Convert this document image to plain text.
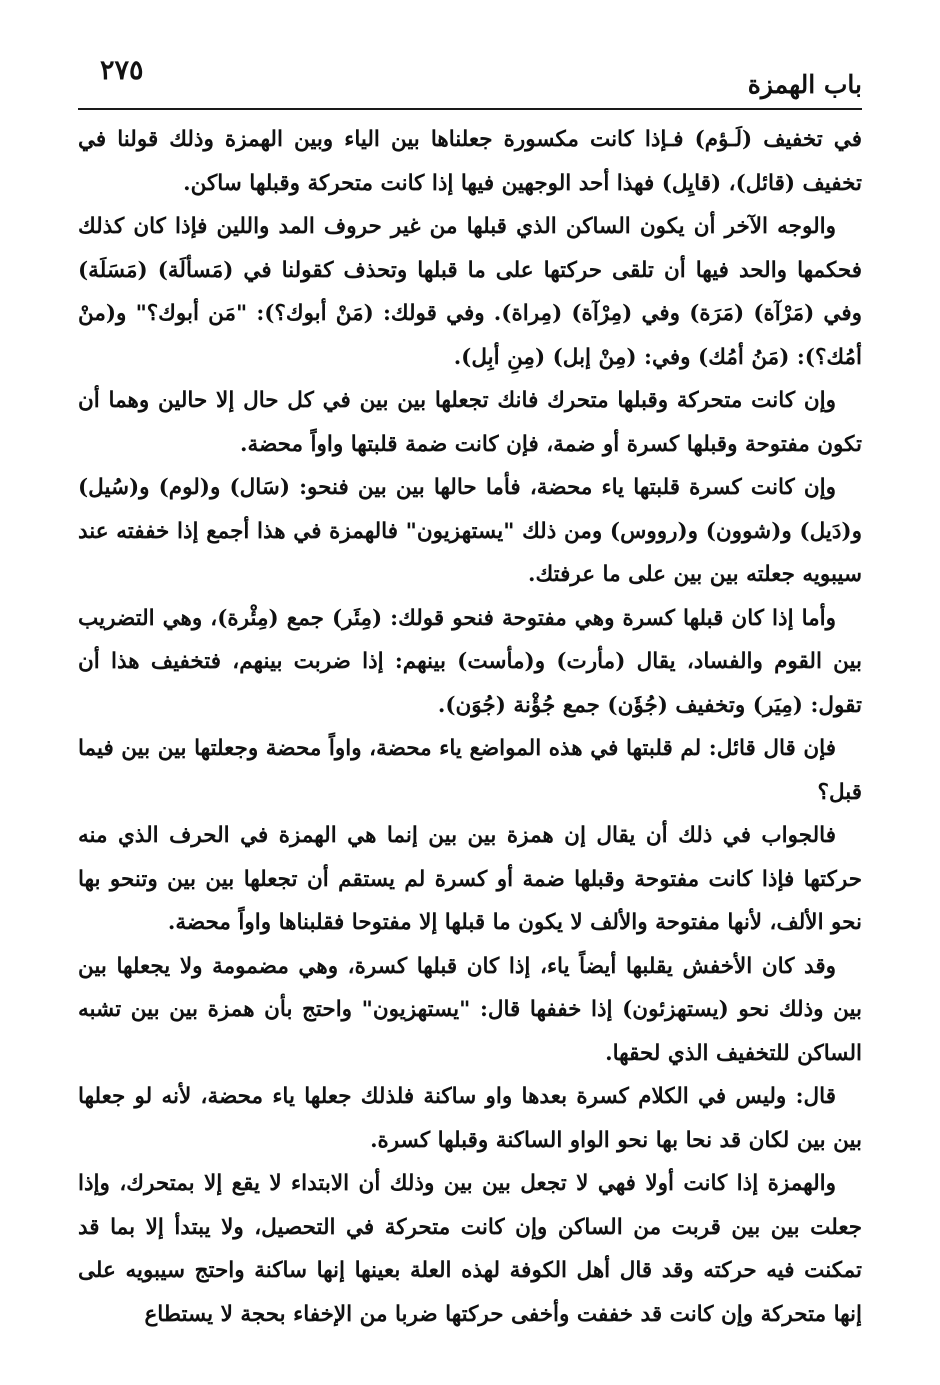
باب الهمزة
٢٧٥

في تخفيف (لَـؤم) فـإذا كانت مكسورة جعلناها بين الياء وبين الهمزة وذلك قولنا في تخفيف (قائل)، (قايِل) فهذا أحد الوجهين فيها إذا كانت متحركة وقبلها ساكن.

والوجه الآخر أن يكون الساكن الذي قبلها من غير حروف المد واللين فإذا كان كذلك فحكمها والحد فيها أن تلقى حركتها على ما قبلها وتحذف كقولنا في (مَسألَة) (مَسَلَة) وفي (مَرْآة) (مَرَة) وفي (مِرْآة) (مِراة). وفي قولك: (مَنْ أبوك؟): "مَن أبوك؟" و(منْ أمُك؟): (مَنُ أمُك) وفي: (مِنْ إبل) (مِنِ أبِل).

وإن كانت متحركة وقبلها متحرك فانك تجعلها بين بين في كل حال إلا حالين وهما أن تكون مفتوحة وقبلها كسرة أو ضمة، فإن كانت ضمة قلبتها واواً محضة.

وإن كانت كسرة قلبتها ياء محضة، فأما حالها بين بين فنحو: (سَال) و(لوم) و(سُيل) و(دَيل) و(شوون) و(رووس) ومن ذلك "يستهزيون" فالهمزة في هذا أجمع إذا خففته عند سيبويه جعلته بين بين على ما عرفتك.

وأما إذا كان قبلها كسرة وهي مفتوحة فنحو قولك: (مِئَر) جمع (مِئْرة)، وهي التضريب بين القوم والفساد، يقال (مأرت) و(مأست) بينهم: إذا ضربت بينهم، فتخفيف هذا أن تقول: (مِيَر) وتخفيف (جُؤَن) جمع جُؤْنة (جُوَن).

فإن قال قائل: لم قلبتها في هذه المواضع ياء محضة، واواً محضة وجعلتها بين بين فيما قبل؟

فالجواب في ذلك أن يقال إن همزة بين بين إنما هي الهمزة في الحرف الذي منه حركتها فإذا كانت مفتوحة وقبلها ضمة أو كسرة لم يستقم أن تجعلها بين بين وتنحو بها نحو الألف، لأنها مفتوحة والألف لا يكون ما قبلها إلا مفتوحا فقلبناها واواً محضة.

وقد كان الأخفش يقلبها أيضاً ياء، إذا كان قبلها كسرة، وهي مضمومة ولا يجعلها بين بين وذلك نحو (يستهزئون) إذا خففها قال: "يستهزيون" واحتج بأن همزة بين بين تشبه الساكن للتخفيف الذي لحقها.

قال: وليس في الكلام كسرة بعدها واو ساكنة فلذلك جعلها ياء محضة، لأنه لو جعلها بين بين لكان قد نحا بها نحو الواو الساكنة وقبلها كسرة.

والهمزة إذا كانت أولا فهي لا تجعل بين بين وذلك أن الابتداء لا يقع إلا بمتحرك، وإذا جعلت بين بين قربت من الساكن وإن كانت متحركة في التحصيل، ولا يبتدأ إلا بما قد تمكنت فيه حركته وقد قال أهل الكوفة لهذه العلة بعينها إنها ساكنة واحتج سيبويه على إنها متحركة وإن كانت قد خففت وأخفى حركتها ضربا من الإخفاء بحجة لا يستطاع
